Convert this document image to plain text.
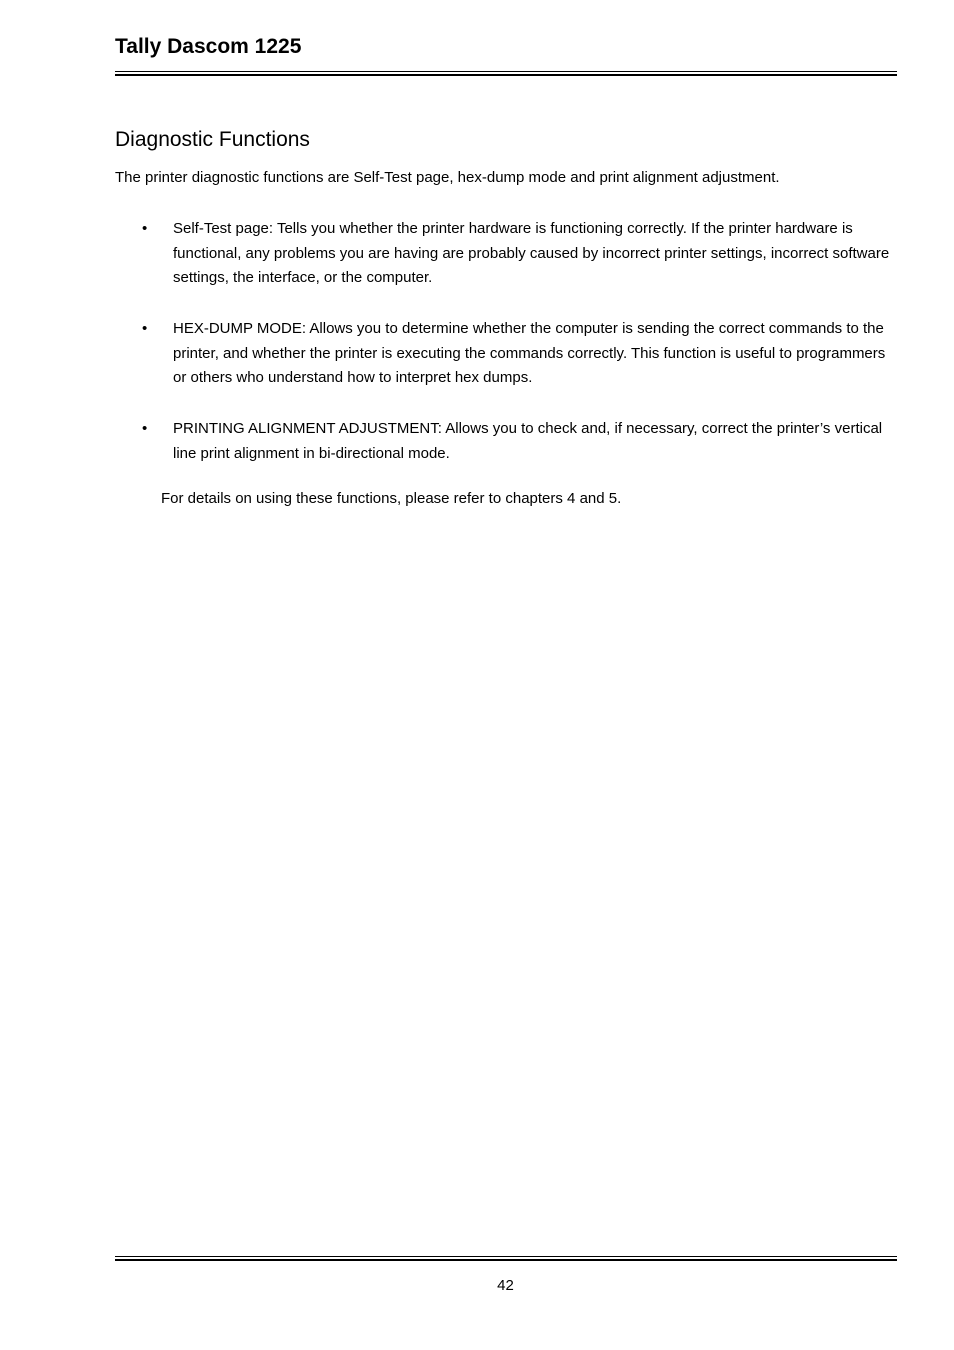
Tally Dascom 1225
Diagnostic Functions

The printer diagnostic functions are Self-Test page, hex-dump mode and print alignment adjustment.

•	Self-Test page: Tells you whether the printer hardware is functioning correctly. If the printer hardware is functional, any problems you are having are probably caused by incorrect printer settings, incorrect software settings, the interface, or the computer.
•	HEX-DUMP MODE: Allows you to determine whether the computer is sending the correct commands to the printer, and whether the printer is executing the commands correctly. This function is useful to programmers or others who understand how to interpret hex dumps.
•	PRINTING ALIGNMENT ADJUSTMENT: Allows you to check and, if necessary, correct the printer’s vertical line print alignment in bi-directional mode.

For details on using these functions, please refer to chapters 4 and 5.

42
